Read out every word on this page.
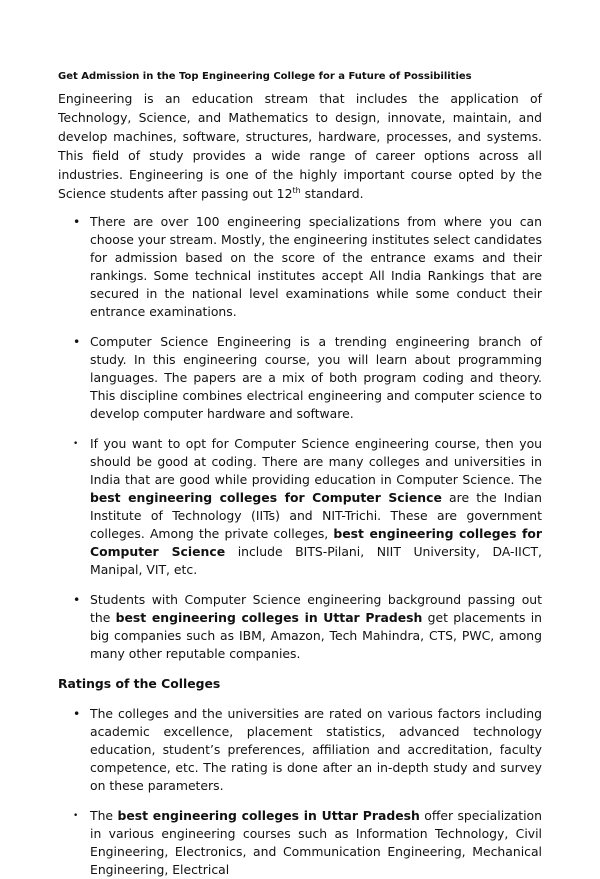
Get Admission in the Top Engineering College for a Future of Possibilities

Engineering is an education stream that includes the application of Technology, Science, and Mathematics to design, innovate, maintain, and develop machines, software, structures, hardware, processes, and systems. This field of study provides a wide range of career options across all industries. Engineering is one of the highly important course opted by the Science students after passing out 12th standard.

• There are over 100 engineering specializations from where you can choose your stream. Mostly, the engineering institutes select candidates for admission based on the score of the entrance exams and their rankings. Some technical institutes accept All India Rankings that are secured in the national level examinations while some conduct their entrance examinations.
• Computer Science Engineering is a trending engineering branch of study. In this engineering course, you will learn about programming languages. The papers are a mix of both program coding and theory. This discipline combines electrical engineering and computer science to develop computer hardware and software.
• If you want to opt for Computer Science engineering course, then you should be good at coding. There are many colleges and universities in India that are good while providing education in Computer Science. The best engineering colleges for Computer Science are the Indian Institute of Technology (IITs) and NIT-Trichi. These are government colleges. Among the private colleges, best engineering colleges for Computer Science include BITS-Pilani, NIIT University, DA-IICT, Manipal, VIT, etc.
• Students with Computer Science engineering background passing out the best engineering colleges in Uttar Pradesh get placements in big companies such as IBM, Amazon, Tech Mahindra, CTS, PWC, among many other reputable companies.
Ratings of the Colleges
• The colleges and the universities are rated on various factors including academic excellence, placement statistics, advanced technology education, student’s preferences, affiliation and accreditation, faculty competence, etc. The rating is done after an in-depth study and survey on these parameters.
• The best engineering colleges in Uttar Pradesh offer specialization in various engineering courses such as Information Technology, Civil Engineering, Electronics, and Communication Engineering, Mechanical Engineering, Electrical
